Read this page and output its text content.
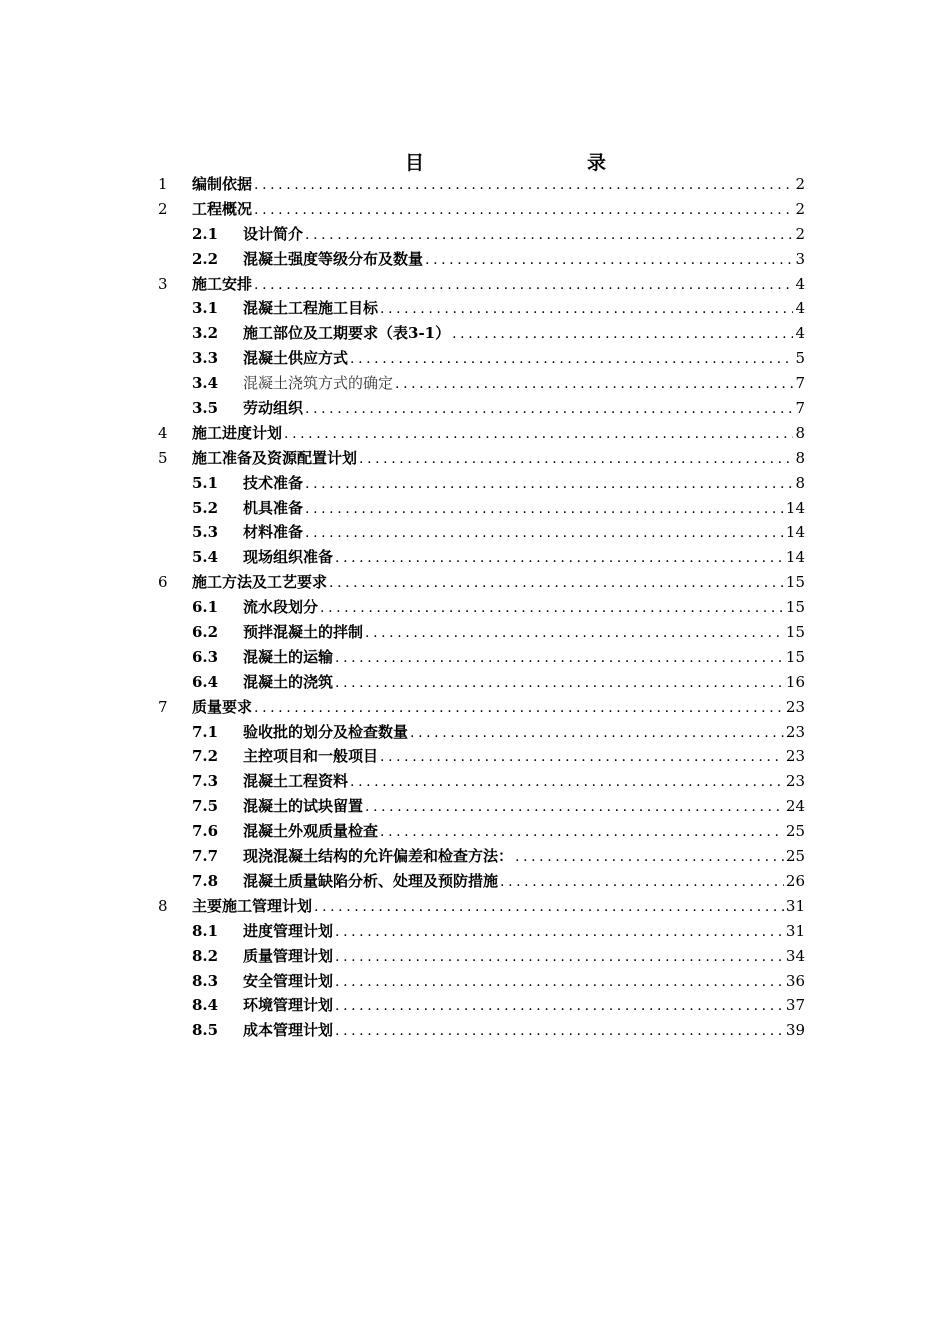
目	录
1 编制依据 .....	2
2 工程概况 .....	2
2.1 设计简介 .....	2
2.2 混凝土强度等级分布及数量 .....	3
3 施工安排 .....	4
3.1 混凝土工程施工目标 .....	4
3.2 施工部位及工期要求（表3-1） .....	4
3.3 混凝土供应方式 .....	5
3.4 混凝土浇筑方式的确定 .....	7
3.5 劳动组织 .....	7
4 施工进度计划 .....	8
5 施工准备及资源配置计划 .....	8
5.1 技术准备 .....	8
5.2 机具准备 .....	14
5.3 材料准备 .....	14
5.4 现场组织准备 .....	14
6 施工方法及工艺要求 .....	15
6.1 流水段划分 .....	15
6.2 预拌混凝土的拌制 .....	15
6.3 混凝土的运输 .....	15
6.4 混凝土的浇筑 .....	16
7 质量要求 .....	23
7.1 验收批的划分及检查数量 .....	23
7.2 主控项目和一般项目 .....	23
7.3 混凝土工程资料 .....	23
7.5 混凝土的试块留置 .....	24
7.6 混凝土外观质量检查 .....	25
7.7 现浇混凝土结构的允许偏差和检查方法： .....	25
7.8 混凝土质量缺陷分析、处理及预防措施 .....	26
8 主要施工管理计划 .....	31
8.1 进度管理计划 .....	31
8.2 质量管理计划 .....	34
8.3 安全管理计划 .....	36
8.4 环境管理计划 .....	37
8.5 成本管理计划 .....	39
